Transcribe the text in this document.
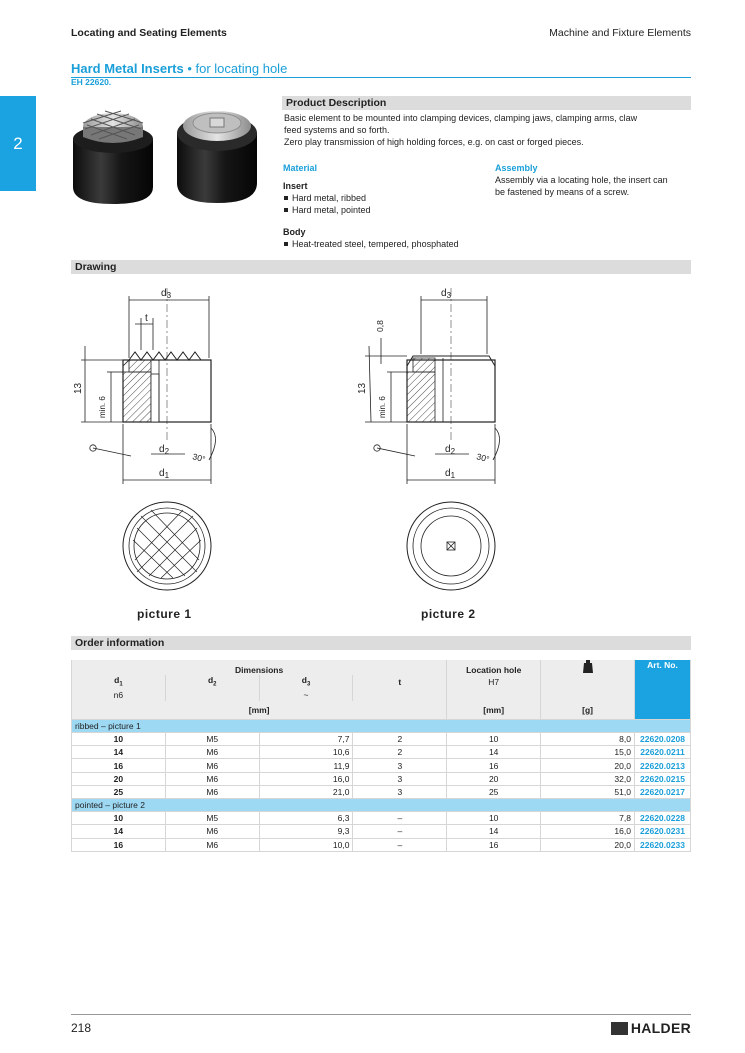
Locating and Seating Elements	Machine and Fixture Elements
2
Hard Metal Inserts • for locating hole
EH 22620.
Product Description
Basic element to be mounted into clamping devices, clamping jaws, clamping arms, claw
feed systems and so forth.
Zero play transmission of high holding forces, e.g. on cast or forged pieces.
Material
Insert
Hard metal, ribbed
Hard metal, pointed
Body
Heat-treated steel, tempered, phosphated
Assembly
Assembly via a locating hole, the insert can
be fastened by means of a screw.
Drawing
$d_3$
t
13
min. 6
$d_2$
$d_1$
30°
$d_3$
0,8
13
min. 6
$d_2$
$d_1$
30°
picture 1	picture 2
Order information
Dimensions				Location hole		Art. No.
$d_1$	$d_2$	$d_3$	t	H7		
n6		~				
[mm]				[mm]	[g]	
ribbed – picture 1						
10	M5	7,7	2	10	8,0	22620.0208
14	M6	10,6	2	14	15,0	22620.0211
16	M6	11,9	3	16	20,0	22620.0213
20	M6	16,0	3	20	32,0	22620.0215
25	M6	21,0	3	25	51,0	22620.0217
pointed – picture 2						
10	M5	6,3	–	10	7,8	22620.0228
14	M6	9,3	–	14	16,0	22620.0231
16	M6	10,0	–	16	20,0	22620.0233
218	HALDER
